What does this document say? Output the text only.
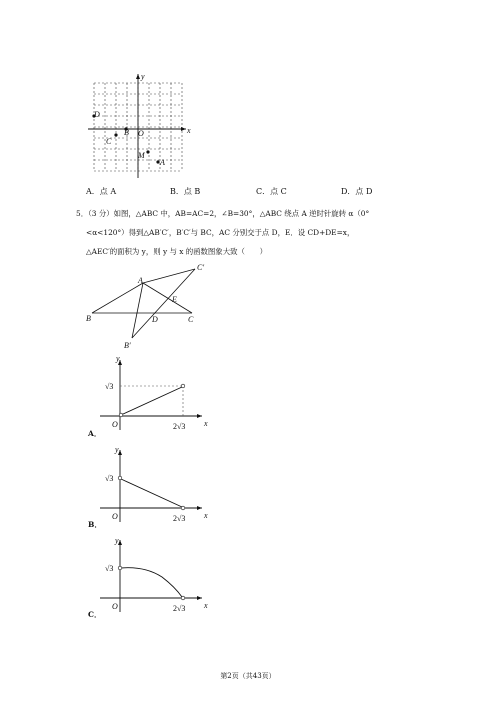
x
y
O
D
C
B
M
A
A．点 A	B．点 B	C．点 C	D．点 D
5．（3 分）如图，△ABC 中，AB=AC=2，∠B=30°，△ABC 绕点 A 逆时针旋转 α（0°
<α<120°）得到△AB′C′，B′C′与 BC，AC 分别交于点 D，E．设 CD+DE=x，
△AEC′的面积为 y，则 y 与 x 的函数图象大致（　　）
A
C′
E
B	D	C
B′
y
x
O
√3
2√3
A．
y
x
O
√3
2√3
B．
y
x
O
√3
2√3
C．
第2页（共43页）
